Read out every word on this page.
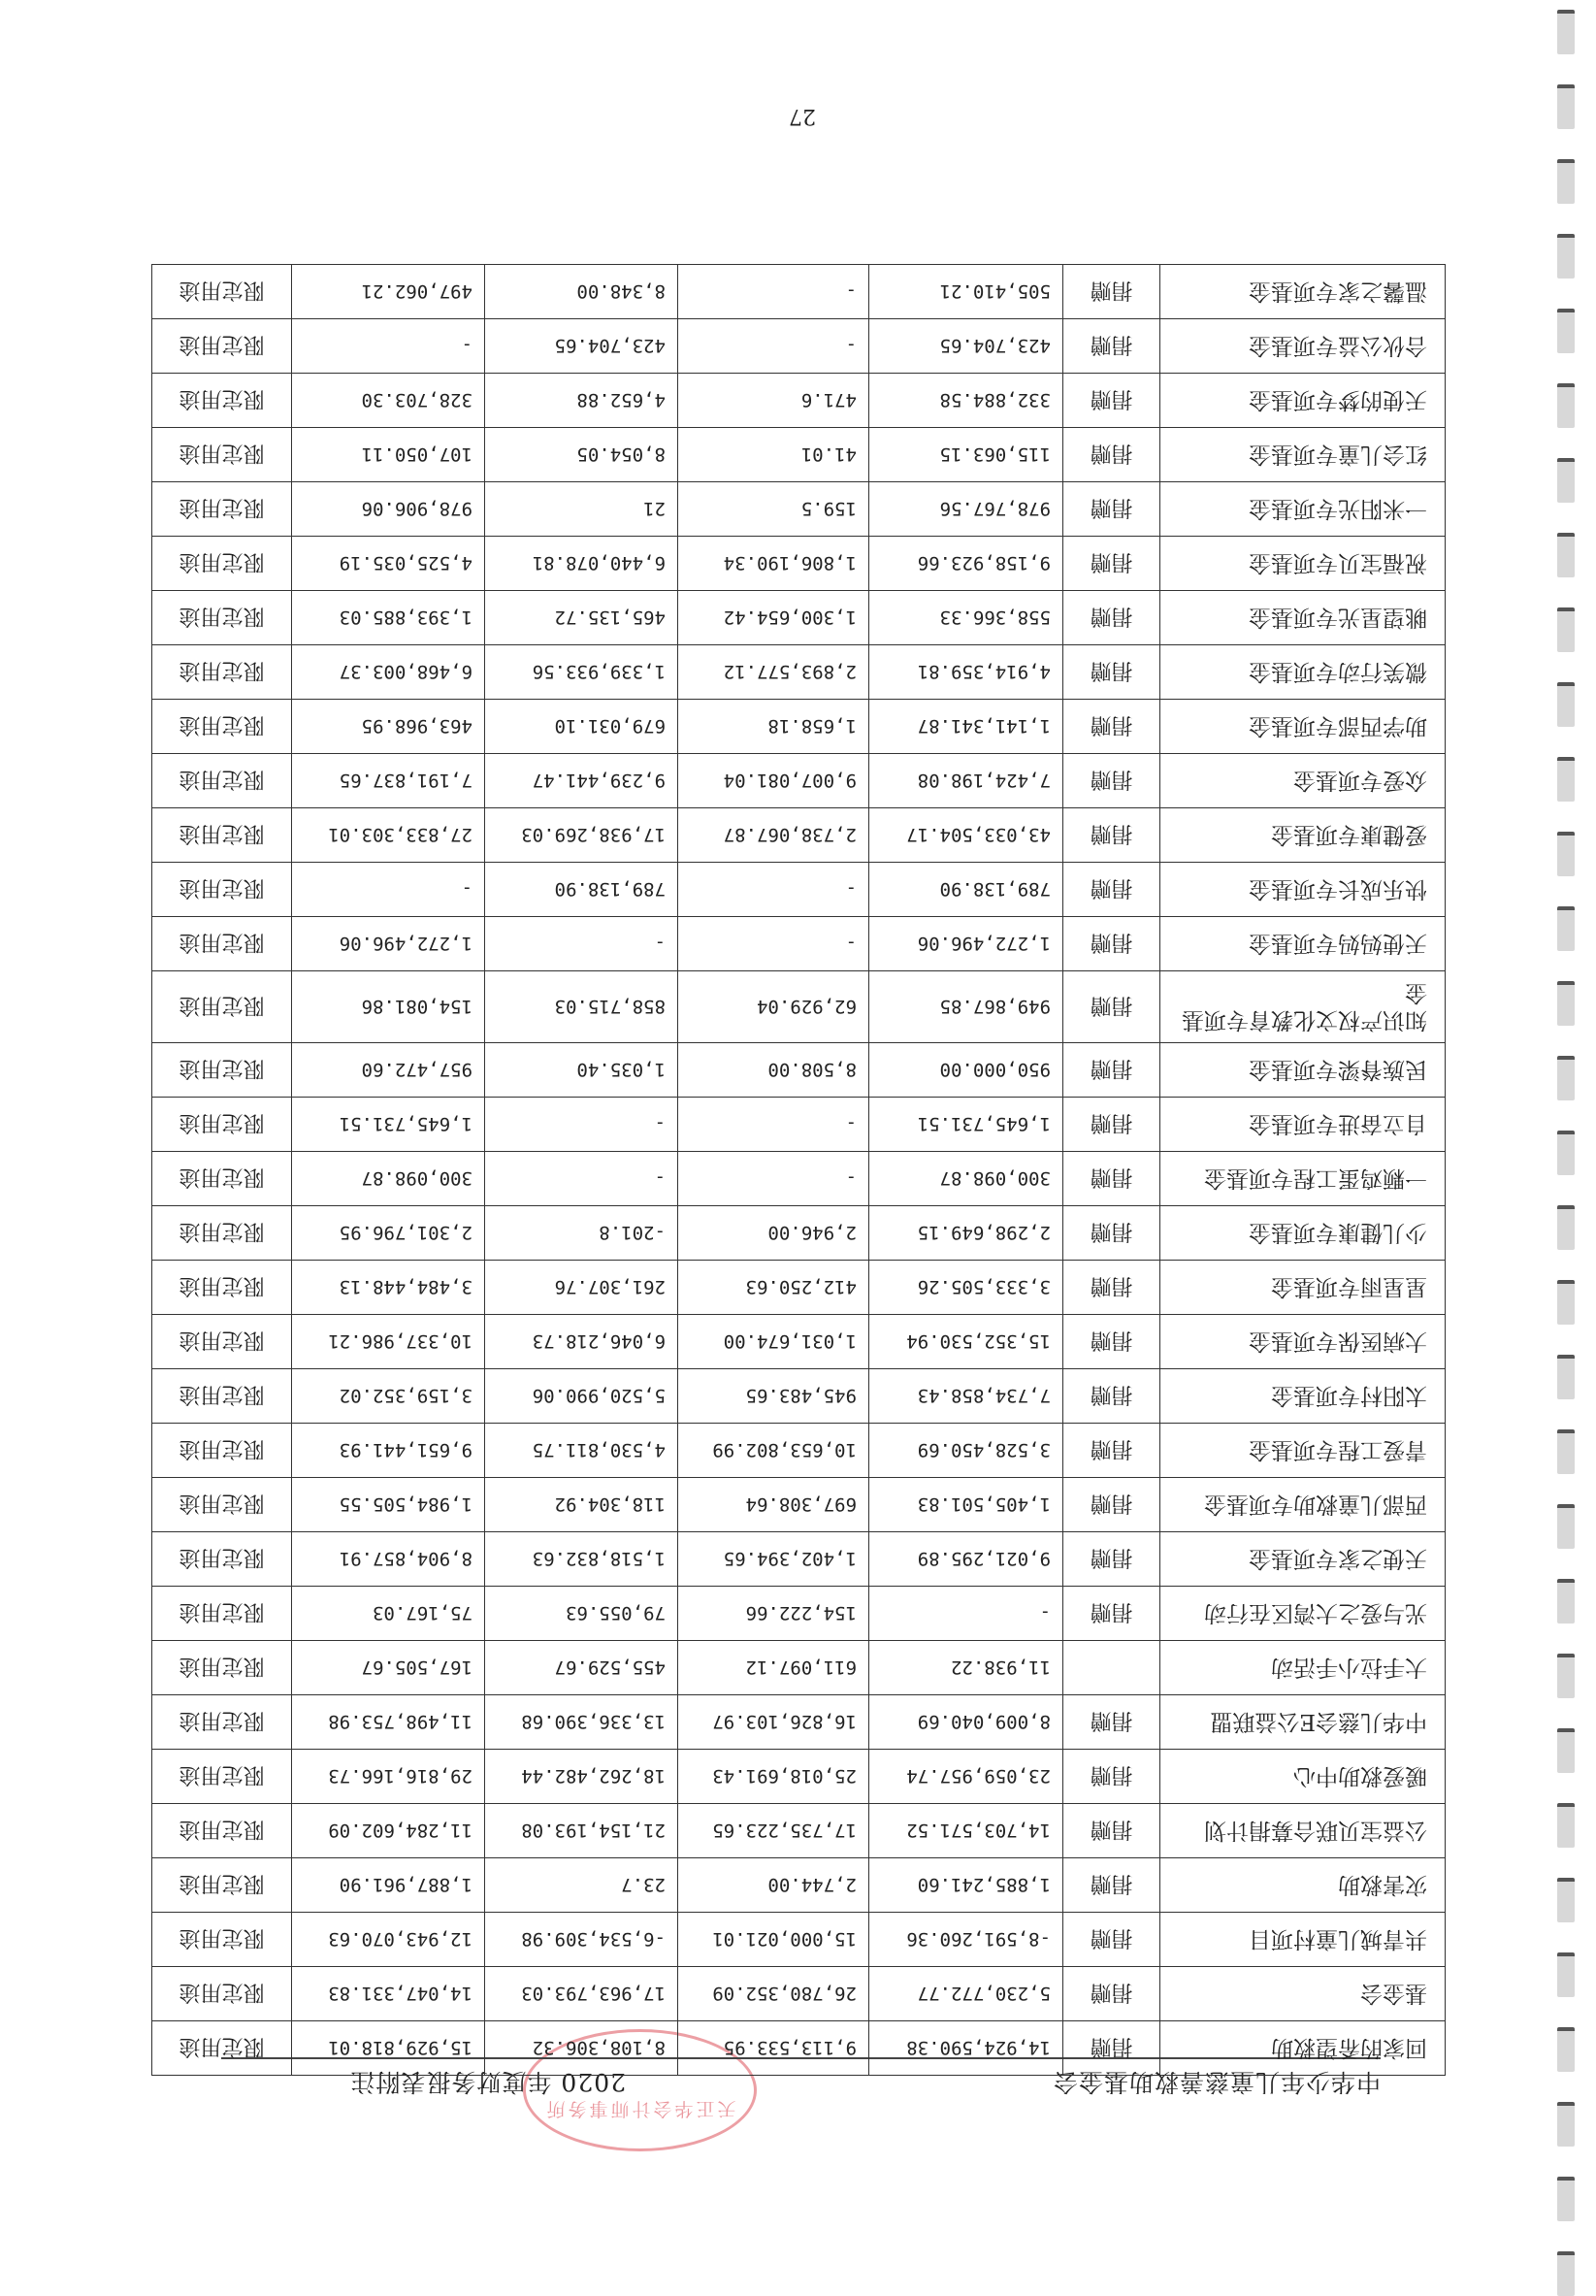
中华少年儿童慈善救助基金会
2020 年度财务报表附注
天正华会计师事务所
回家的希望救助	捐赠	14,924,590.38	9,113,533.95	8,108,306.32	15,929,818.01	限定用途
基金会	捐赠	5,230,772.77	26,780,352.09	17,963,793.03	14,047,331.83	限定用途
共青城儿童村项目	捐赠	-8,591,260.36	15,000,021.01	-6,534,309.98	12,943,070.63	限定用途
灾害救助	捐赠	1,885,241.60	2,744.00	23.7	1,887,961.90	限定用途
公益宝贝联合募捐计划	捐赠	14,703,571.52	17,735,223.65	21,154,193.08	11,284,602.09	限定用途
暖爱救助中心	捐赠	23,059,957.74	25,018,691.43	18,262,482.44	29,816,166.73	限定用途
中华儿慈会E公益联盟	捐赠	8,009,040.69	16,826,103.97	13,336,390.68	11,498,753.98	限定用途
大手拉小手活动		11,938.22	611,097.12	455,529.67	167,505.67	限定用途
光与爱之大湾区在行动	捐赠	-	154,222.66	79,055.63	75,167.03	限定用途
天使之家专项基金	捐赠	9,021,295.89	1,402,394.65	1,518,832.63	8,904,857.91	限定用途
西部儿童救助专项基金	捐赠	1,405,501.83	697,308.64	118,304.92	1,984,505.55	限定用途
青爱工程专项基金	捐赠	3,528,450.69	10,653,802.99	4,530,811.75	9,651,441.93	限定用途
太阳村专项基金	捐赠	7,734,858.43	945,483.65	5,520,990.06	3,159,352.02	限定用途
大病医保专项基金	捐赠	15,352,530.94	1,031,674.00	6,046,218.73	10,337,986.21	限定用途
星星雨专项基金	捐赠	3,333,505.26	412,250.63	261,307.76	3,484,448.13	限定用途
少儿健康专项基金	捐赠	2,298,649.15	2,946.00	-201.8	2,301,796.95	限定用途
一颗鸡蛋工程专项基金	捐赠	300,098.87	-	-	300,098.87	限定用途
自立奋进专项基金	捐赠	1,645,731.51	-	-	1,645,731.51	限定用途
民族脊梁专项基金	捐赠	950,000.00	8,508.00	1,035.40	957,472.60	限定用途
知识产权文化教育专项基金	捐赠	949,867.85	62,929.04	858,715.03	154,081.86	限定用途
天使妈妈专项基金	捐赠	1,272,496.06	-	-	1,272,496.06	限定用途
快乐成长专项基金	捐赠	789,138.90	-	789,138.90	-	限定用途
爱健康专项基金	捐赠	43,033,504.17	2,738,067.87	17,938,269.03	27,833,303.01	限定用途
众爱专项基金	捐赠	7,424,198.08	9,007,081.04	9,239,441.47	7,191,837.65	限定用途
助学西部专项基金	捐赠	1,141,341.87	1,658.18	679,031.10	463,968.95	限定用途
微笑行动专项基金	捐赠	4,914,359.81	2,893,577.12	1,339,933.56	6,468,003.37	限定用途
眺望星光专项基金	捐赠	558,366.33	1,300,654.42	465,135.72	1,393,885.03	限定用途
祝福宝贝专项基金	捐赠	9,158,923.66	1,806,190.34	6,440,078.81	4,525,035.19	限定用途
一米阳光专项基金	捐赠	978,767.56	159.5	21	978,906.06	限定用途
红会儿童专项基金	捐赠	115,063.15	41.01	8,054.05	107,050.11	限定用途
天使的梦专项基金	捐赠	332,884.58	471.6	4,652.88	328,703.30	限定用途
合伙公益专项基金	捐赠	423,704.65	-	423,704.65	-	限定用途
温馨之家专项基金	捐赠	505,410.21	-	8,348.00	497,062.21	限定用途
27
